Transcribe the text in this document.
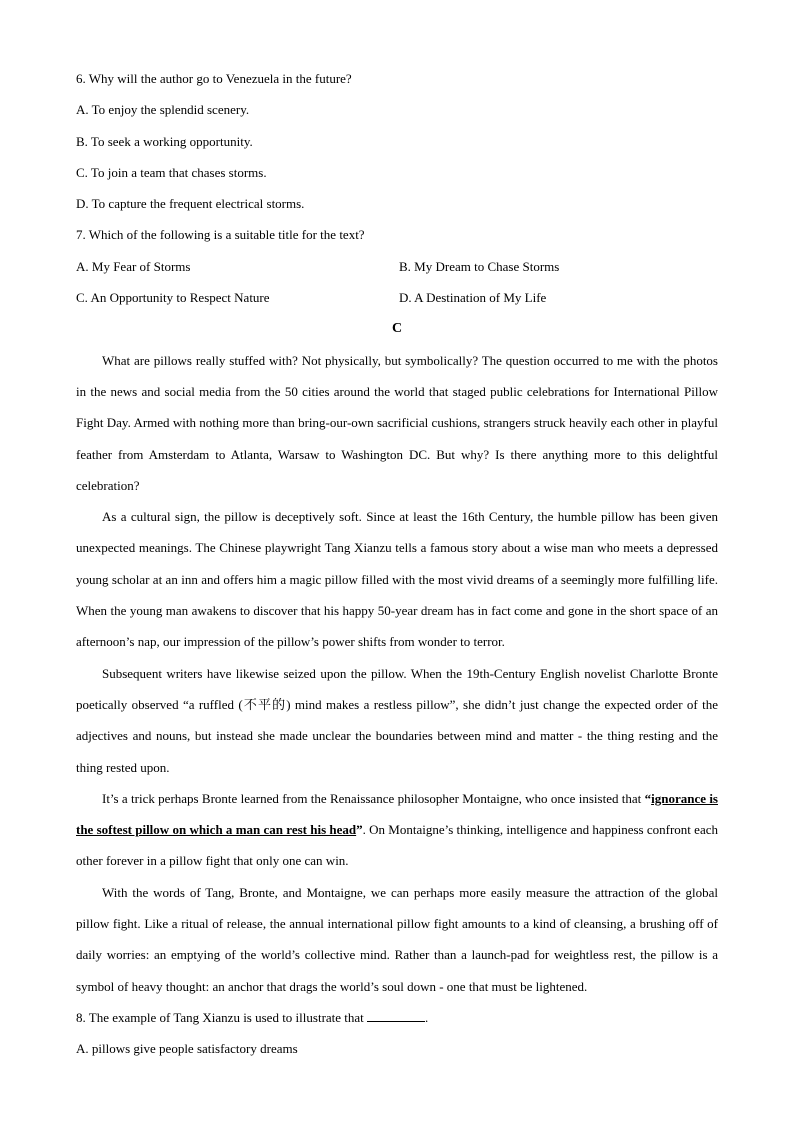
6. Why will the author go to Venezuela in the future?

A. To enjoy the splendid scenery.

B. To seek a working opportunity.

C. To join a team that chases storms.

D. To capture the frequent electrical storms.

7. Which of the following is a suitable title for the text?

A. My Fear of Storms	B. My Dream to Chase Storms
C. An Opportunity to Respect Nature	D. A Destination of My Life

C

What are pillows really stuffed with? Not physically, but symbolically? The question occurred to me with the photos in the news and social media from the 50 cities around the world that staged public celebrations for International Pillow Fight Day. Armed with nothing more than bring-our-own sacrificial cushions, strangers struck heavily each other in playful feather from Amsterdam to Atlanta, Warsaw to Washington DC. But why? Is there anything more to this delightful celebration?

As a cultural sign, the pillow is deceptively soft. Since at least the 16th Century, the humble pillow has been given unexpected meanings. The Chinese playwright Tang Xianzu tells a famous story about a wise man who meets a depressed young scholar at an inn and offers him a magic pillow filled with the most vivid dreams of a seemingly more fulfilling life. When the young man awakens to discover that his happy 50-year dream has in fact come and gone in the short space of an afternoon’s nap, our impression of the pillow’s power shifts from wonder to terror.

Subsequent writers have likewise seized upon the pillow. When the 19th-Century English novelist Charlotte Bronte poetically observed “a ruffled (不平的) mind makes a restless pillow”, she didn’t just change the expected order of the adjectives and nouns, but instead she made unclear the boundaries between mind and matter - the thing resting and the thing rested upon.

It’s a trick perhaps Bronte learned from the Renaissance philosopher Montaigne, who once insisted that “ignorance is the softest pillow on which a man can rest his head”. On Montaigne’s thinking, intelligence and happiness confront each other forever in a pillow fight that only one can win.

With the words of Tang, Bronte, and Montaigne, we can perhaps more easily measure the attraction of the global pillow fight. Like a ritual of release, the annual international pillow fight amounts to a kind of cleansing, a brushing off of daily worries: an emptying of the world’s collective mind. Rather than a launch-pad for weightless rest, the pillow is a symbol of heavy thought: an anchor that drags the world’s soul down - one that must be lightened.

8. The example of Tang Xianzu is used to illustrate that	.

A. pillows give people satisfactory dreams
